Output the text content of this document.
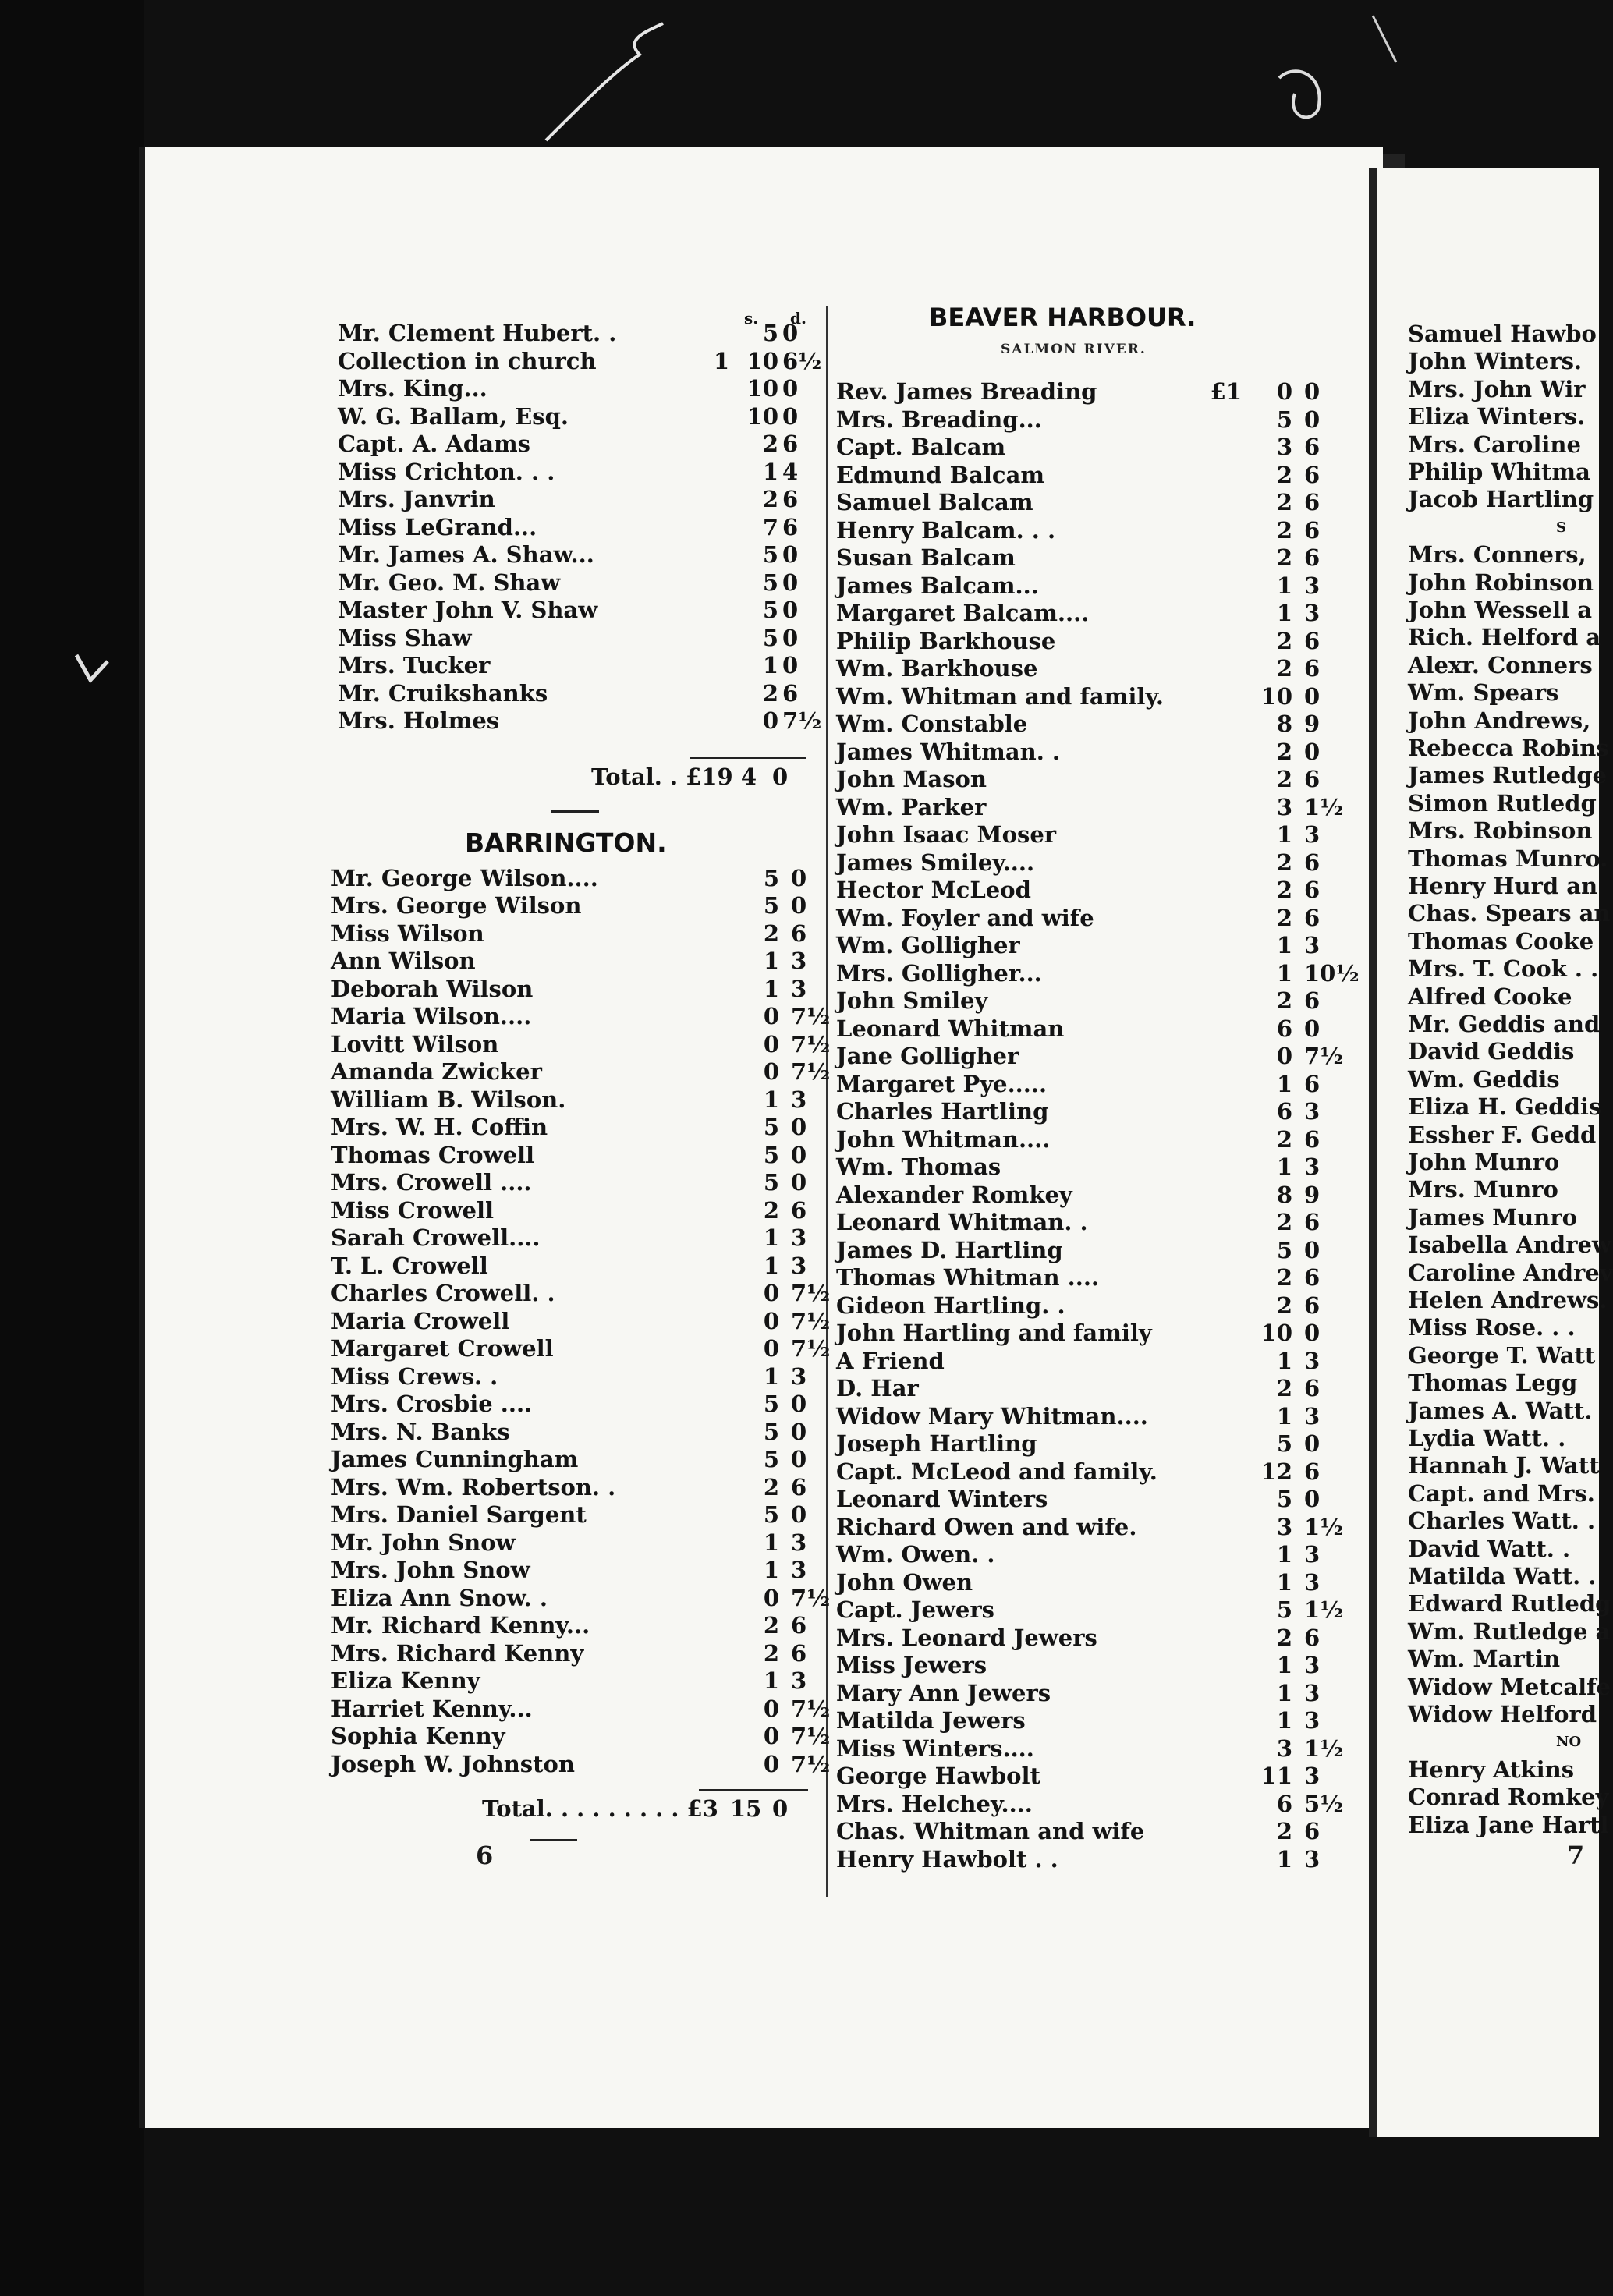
s. d.
Mr. Clement Hubert. .	5 0
Collection in church	1 10 6½
Mrs. King...	10 0
W. G. Ballam, Esq.	10 0
Capt. A. Adams	2 6
Miss Crichton. . .	1 4
Mrs. Janvrin	2 6
Miss LeGrand...	7 6
Mr. James A. Shaw...	5 0
Mr. Geo. M. Shaw	5 0
Master John V. Shaw	5 0
Miss Shaw	5 0
Mrs. Tucker	1 0
Mr. Cruikshanks	2 6
Mrs. Holmes	0 7½
Total. . £19 4 0
BARRINGTON.
Mr. George Wilson....	5 0
Mrs. George Wilson	5 0
Miss Wilson	2 6
Ann Wilson	1 3
Deborah Wilson	1 3
Maria Wilson....	0 7½
Lovitt Wilson	0 7½
Amanda Zwicker	0 7½
William B. Wilson.	1 3
Mrs. W. H. Coffin	5 0
Thomas Crowell	5 0
Mrs. Crowell ....	5 0
Miss Crowell	2 6
Sarah Crowell....	1 3
T. L. Crowell	1 3
Charles Crowell. .	0 7½
Maria Crowell	0 7½
Margaret Crowell	0 7½
Miss Crews. .	1 3
Mrs. Crosbie ....	5 0
Mrs. N. Banks	5 0
James Cunningham	5 0
Mrs. Wm. Robertson. .	2 6
Mrs. Daniel Sargent	5 0
Mr. John Snow	1 3
Mrs. John Snow	1 3
Eliza Ann Snow. .	0 7½
Mr. Richard Kenny...	2 6
Mrs. Richard Kenny	2 6
Eliza Kenny	1 3
Harriet Kenny...	0 7½
Sophia Kenny	0 7½
Joseph W. Johnston	0 7½
Total. . . . . . . . . £3 15 0
6
BEAVER HARBOUR.
SALMON RIVER.
Rev. James Breading	£1	0 0
Mrs. Breading...	5 0
Capt. Balcam	3 6
Edmund Balcam	2 6
Samuel Balcam	2 6
Henry Balcam. . .	2 6
Susan Balcam	2 6
James Balcam...	1 3
Margaret Balcam....	1 3
Philip Barkhouse	2 6
Wm. Barkhouse	2 6
Wm. Whitman and family.	10 0
Wm. Constable	8 9
James Whitman. .	2 0
John Mason	2 6
Wm. Parker	3 1½
John Isaac Moser	1 3
James Smiley....	2 6
Hector McLeod	2 6
Wm. Foyler and wife	2 6
Wm. Golligher	1 3
Mrs. Golligher...	1 10½
John Smiley	2 6
Leonard Whitman	6 0
Jane Golligher	0 7½
Margaret Pye.....	1 6
Charles Hartling	6 3
John Whitman....	2 6
Wm. Thomas	1 3
Alexander Romkey	8 9
Leonard Whitman. .	2 6
James D. Hartling	5 0
Thomas Whitman ....	2 6
Gideon Hartling. .	2 6
John Hartling and family	10 0
A Friend	1 3
D. Har	2 6
Widow Mary Whitman....	1 3
Joseph Hartling	5 0
Capt. McLeod and family.	12 6
Leonard Winters	5 0
Richard Owen and wife.	3 1½
Wm. Owen. .	1 3
John Owen	1 3
Capt. Jewers	5 1½
Mrs. Leonard Jewers	2 6
Miss Jewers	1 3
Mary Ann Jewers	1 3
Matilda Jewers	1 3
Miss Winters....	3 1½
George Hawbolt	11 3
Mrs. Helchey....	6 5½
Chas. Whitman and wife	2 6
Henry Hawbolt . .	1 3
Samuel Hawbo
John Winters.
Mrs. John Wir
Eliza Winters.
Mrs. Caroline
Philip Whitma
Jacob Hartling
S
Mrs. Conners,
John Robinson
John Wessell a
Rich. Helford a
Alexr. Conners
Wm. Spears
John Andrews,
Rebecca Robins
James Rutledge
Simon Rutledg
Mrs. Robinson
Thomas Munro.
Henry Hurd an
Chas. Spears an
Thomas Cooke
Mrs. T. Cook . .
Alfred Cooke
Mr. Geddis and
David Geddis
Wm. Geddis
Eliza H. Geddis
Essher F. Gedd
John Munro
Mrs. Munro
James Munro
Isabella Andrew
Caroline Andrev
Helen Andrews.
Miss Rose. . .
George T. Watt
Thomas Legg
James A. Watt.
Lydia Watt. .
Hannah J. Watt
Capt. and Mrs.
Charles Watt. .
David Watt. .
Matilda Watt. .
Edward Rutledg
Wm. Rutledge a
Wm. Martin
Widow Metcalfe
Widow Helford
NO
Henry Atkins
Conrad Romkey
Eliza Jane Hartl
7
